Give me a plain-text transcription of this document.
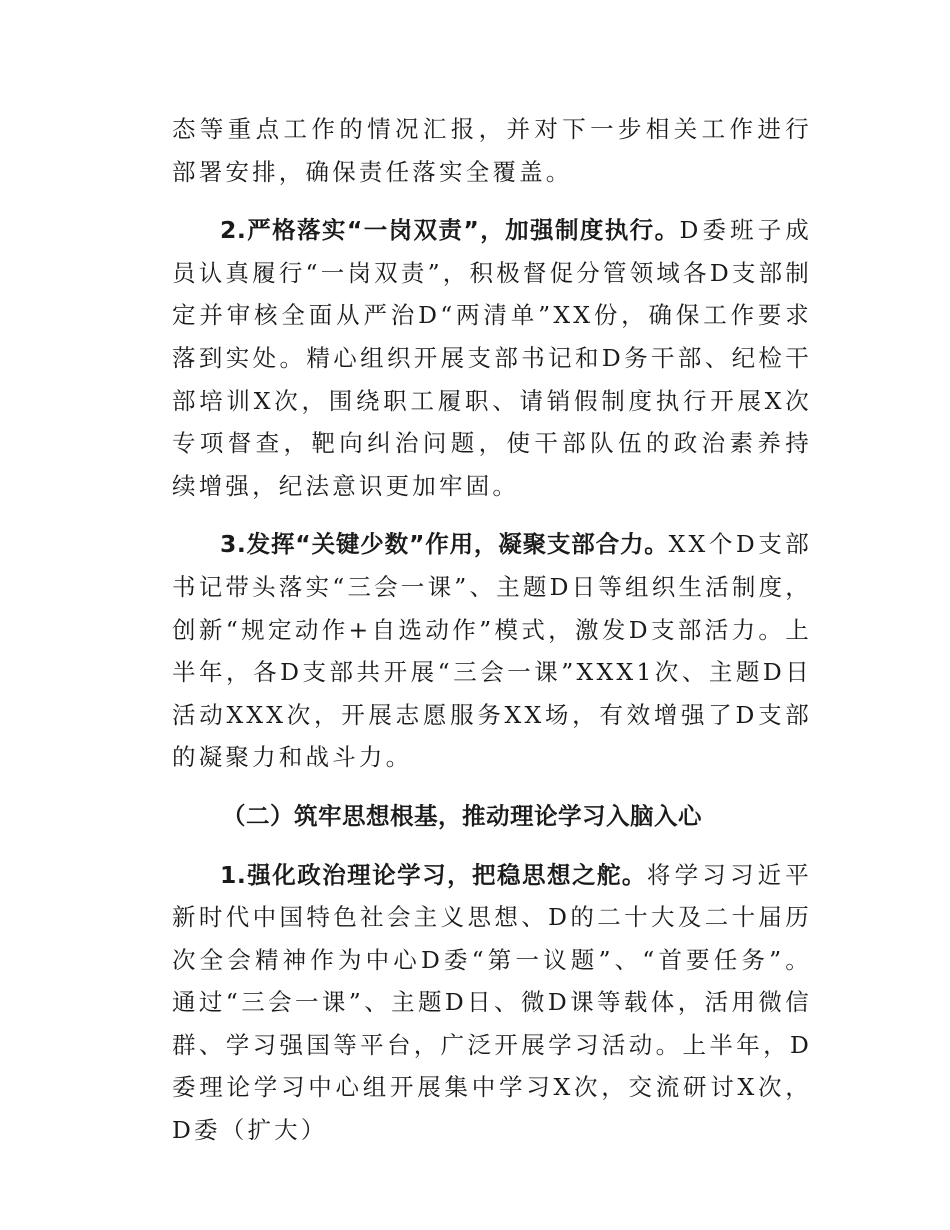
态等重点工作的情况汇报，并对下一步相关工作进行部署安排，确保责任落实全覆盖。

2.严格落实“一岗双责”，加强制度执行。D委班子成员认真履行“一岗双责”，积极督促分管领域各D支部制定并审核全面从严治D“两清单”XX份，确保工作要求落到实处。精心组织开展支部书记和D务干部、纪检干部培训X次，围绕职工履职、请销假制度执行开展X次专项督查，靶向纠治问题，使干部队伍的政治素养持续增强，纪法意识更加牢固。

3.发挥“关键少数”作用，凝聚支部合力。XX个D支部书记带头落实“三会一课”、主题D日等组织生活制度，创新“规定动作+自选动作”模式，激发D支部活力。上半年，各D支部共开展“三会一课”XXX1次、主题D日活动XXX次，开展志愿服务XX场，有效增强了D支部的凝聚力和战斗力。

（二）筑牢思想根基，推动理论学习入脑入心

1.强化政治理论学习，把稳思想之舵。将学习习近平新时代中国特色社会主义思想、D的二十大及二十届历次全会精神作为中心D委“第一议题”、“首要任务”。通过“三会一课”、主题D日、微D课等载体，活用微信群、学习强国等平台，广泛开展学习活动。上半年，D委理论学习中心组开展集中学习X次，交流研讨X次，D委（扩大）
